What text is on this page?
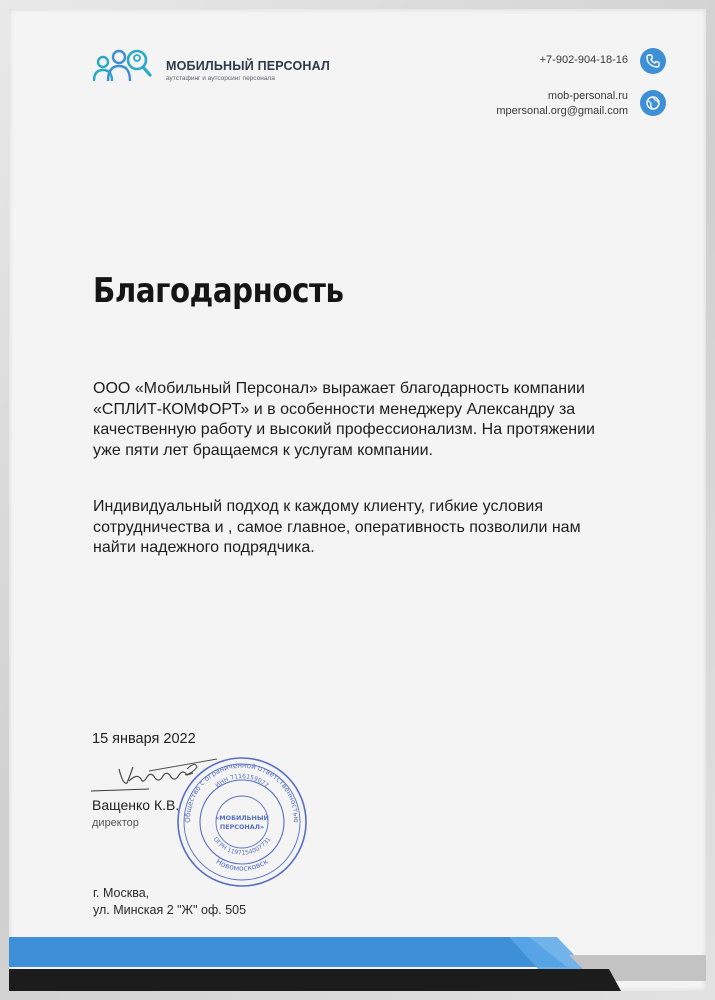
МОБИЛЬНЫЙ ПЕРСОНАЛ
аутстафинг и аутсорсинг персонала
+7-902-904-18-16
mob-personal.ru
mpersonal.org@gmail.com
Благодарность

ООО «Мобильный Персонал» выражает благодарность компании «СПЛИТ-КОМФОРТ» и в особенности менеджеру Александру за качественную работу и высокий профессионализм. На протяжении уже пяти лет бращаемся к услугам компании.

Индивидуальный подход к каждому клиенту, гибкие условия сотрудничества и , самое главное, оперативность позволили нам найти надежного подрядчика.

15 января 2022
Ващенко К.В.
директор	Общество с ограниченной ответственностью
Новомосковск
ИНН 7116159077
ОГРН 1197154007731
«МОБИЛЬНЫЙ ПЕРСОНАЛ»
г. Москва,
ул. Минская 2 "Ж" оф. 505
